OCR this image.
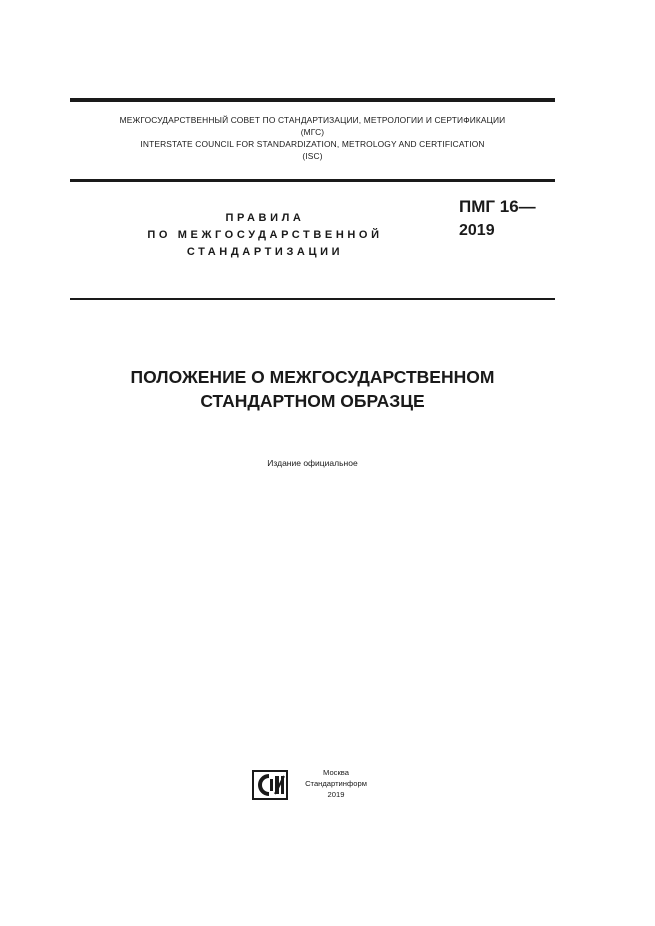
МЕЖГОСУДАРСТВЕННЫЙ СОВЕТ ПО СТАНДАРТИЗАЦИИ, МЕТРОЛОГИИ И СЕРТИФИКАЦИИ
(МГС)
INTERSTATE COUNCIL FOR STANDARDIZATION, METROLOGY AND CERTIFICATION
(ISC)
ПРАВИЛА
ПО МЕЖГОСУДАРСТВЕННОЙ
СТАНДАРТИЗАЦИИ
ПМГ 16—
2019
ПОЛОЖЕНИЕ О МЕЖГОСУДАРСТВЕННОМ
СТАНДАРТНОМ ОБРАЗЦЕ
Издание официальное
Москва
Стандартинформ
2019
